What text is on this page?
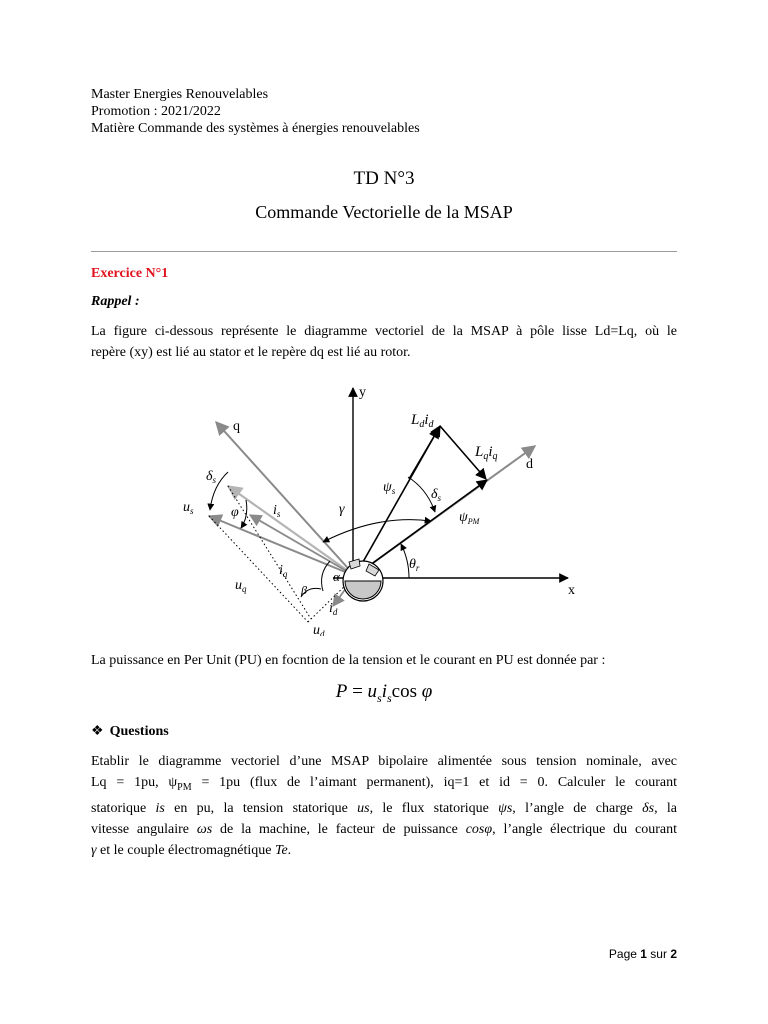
Master Energies Renouvelables
Promotion : 2021/2022
Matière Commande des systèmes à énergies renouvelables
TD N°3
Commande Vectorielle de la MSAP
Exercice N°1
Rappel :
La figure ci-dessous représente le diagramme vectoriel de la MSAP à pôle lisse Ld=Lq, où le
repère (xy) est lié au stator et le repère dq est lié au rotor.
y
x
q
d
$L_di_d$
$L_qi_q$
$\psi_s$	$\delta_s$
$\psi_{PM}$
γ
$\theta_r$
$\delta_s$
$u_s$	φ $i_s$
$i_q$
$u_q$
α
β
$i_d$
$u_d$
La puissance en Per Unit (PU) en focntion de la tension et le courant en PU est donnée par :
$P = u_si_s\cos$ φ
❖ Questions
Etablir le diagramme vectoriel d’une MSAP bipolaire alimentée sous tension nominale, avec
Lq = 1pu, $\psi_{PM} = 1pu$ (flux de l’aimant permanent), iq=1 et id = 0. Calculer le courant
statorique is en pu, la tension statorique us, le flux statorique ψs, l’angle de charge δs, la
vitesse angulaire ωs de la machine, le facteur de puissance cosφ, l’angle électrique du courant
γ et le couple électromagnétique Te.
Page 1 sur 2
